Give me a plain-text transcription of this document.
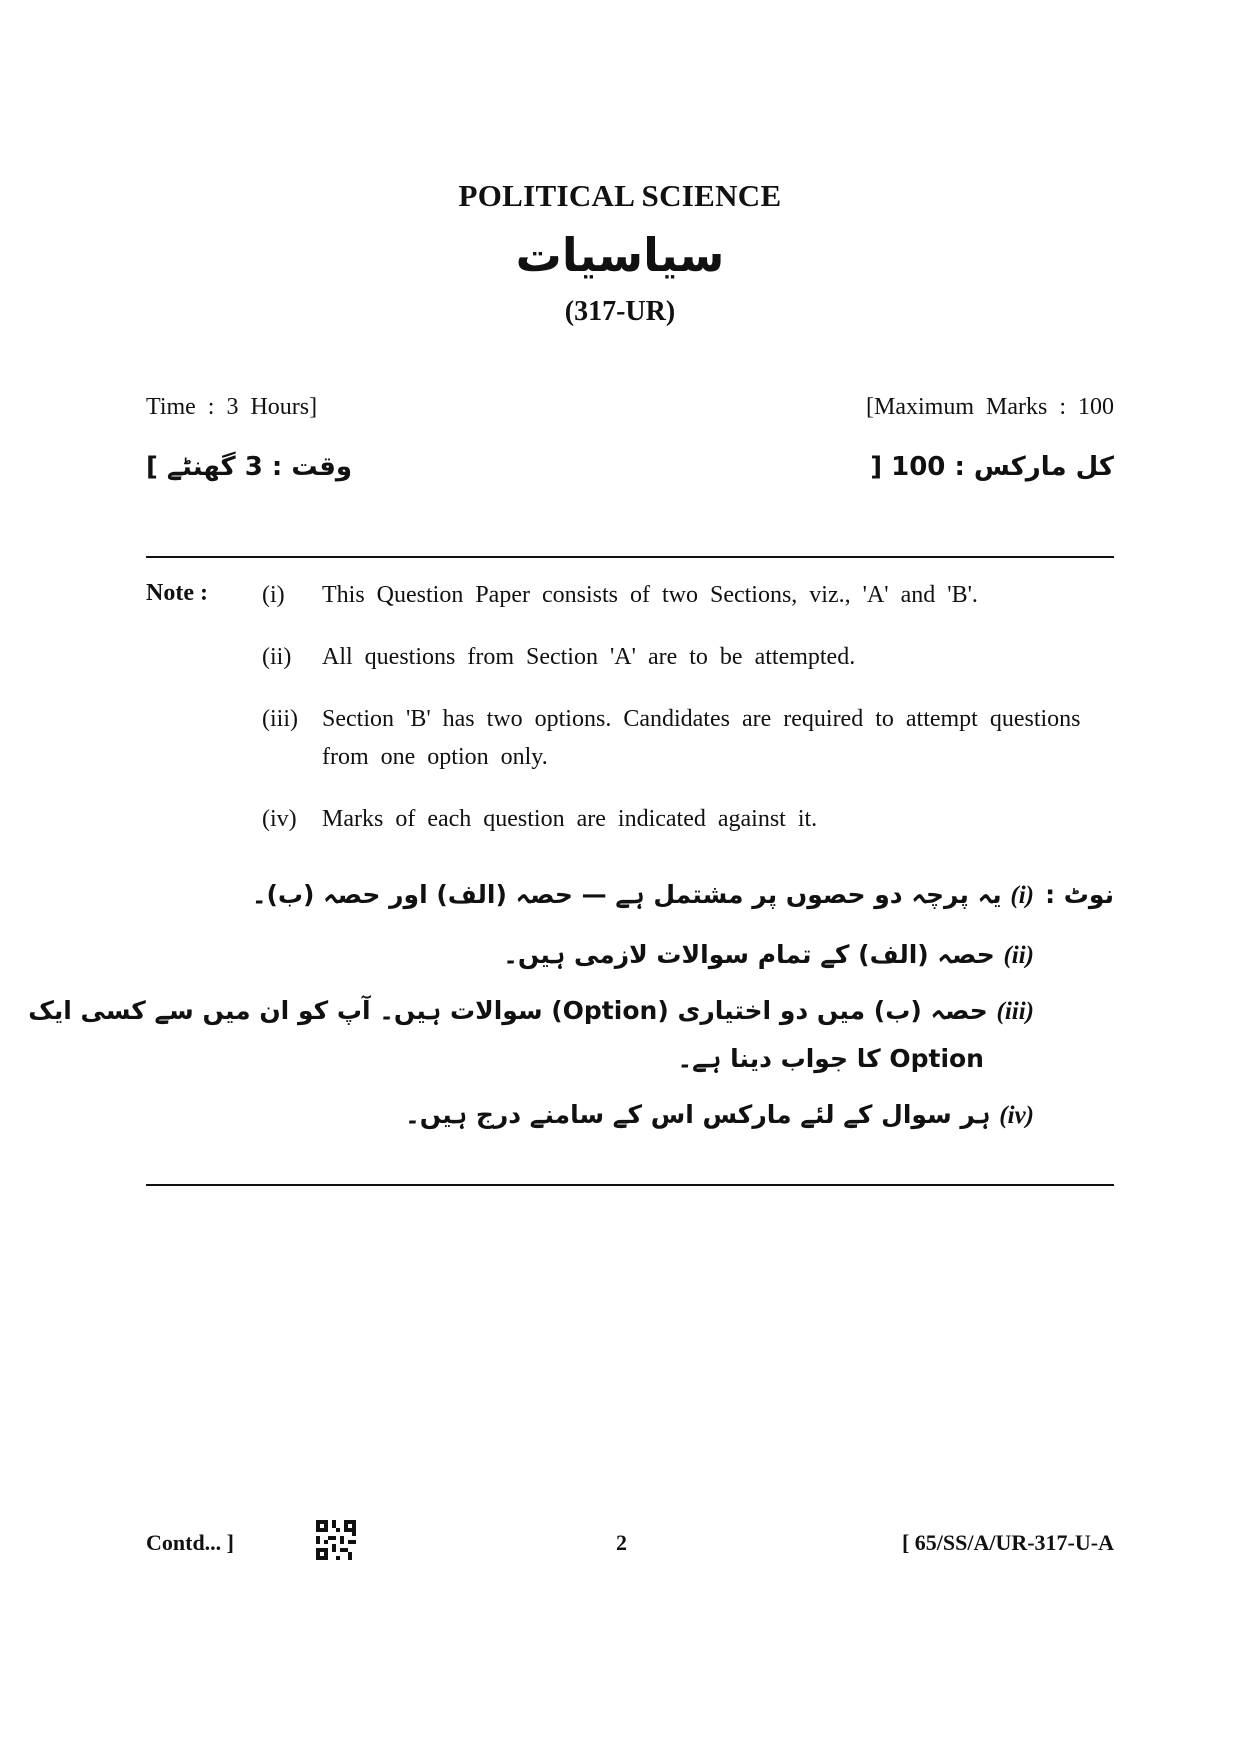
POLITICAL SCIENCE
سیاسیات
(317-UR)
Time : 3 Hours]	[Maximum Marks : 100
وقت : 3 گھنٹے ]	کل مارکس : 100 [
Note : (i)	This Question Paper consists of two Sections, viz., 'A' and 'B'.
(ii)	All questions from Section 'A' are to be attempted.
(iii)	Section 'B' has two options. Candidates are required to attempt questions from one option only.
(iv)	Marks of each question are indicated against it.
نوٹ :
(i) یہ پرچہ دو حصوں پر مشتمل ہے — حصہ (الف) اور حصہ (ب)۔
(ii) حصہ (الف) کے تمام سوالات لازمی ہیں۔
(iii) حصہ (ب) میں دو اختیاری (Option) سوالات ہیں۔ آپ کو ان میں سے کسی ایک
Option کا جواب دینا ہے۔
(iv) ہر سوال کے لئے مارکس اس کے سامنے درج ہیں۔
Contd... ]	2	[ 65/SS/A/UR-317-U-A
